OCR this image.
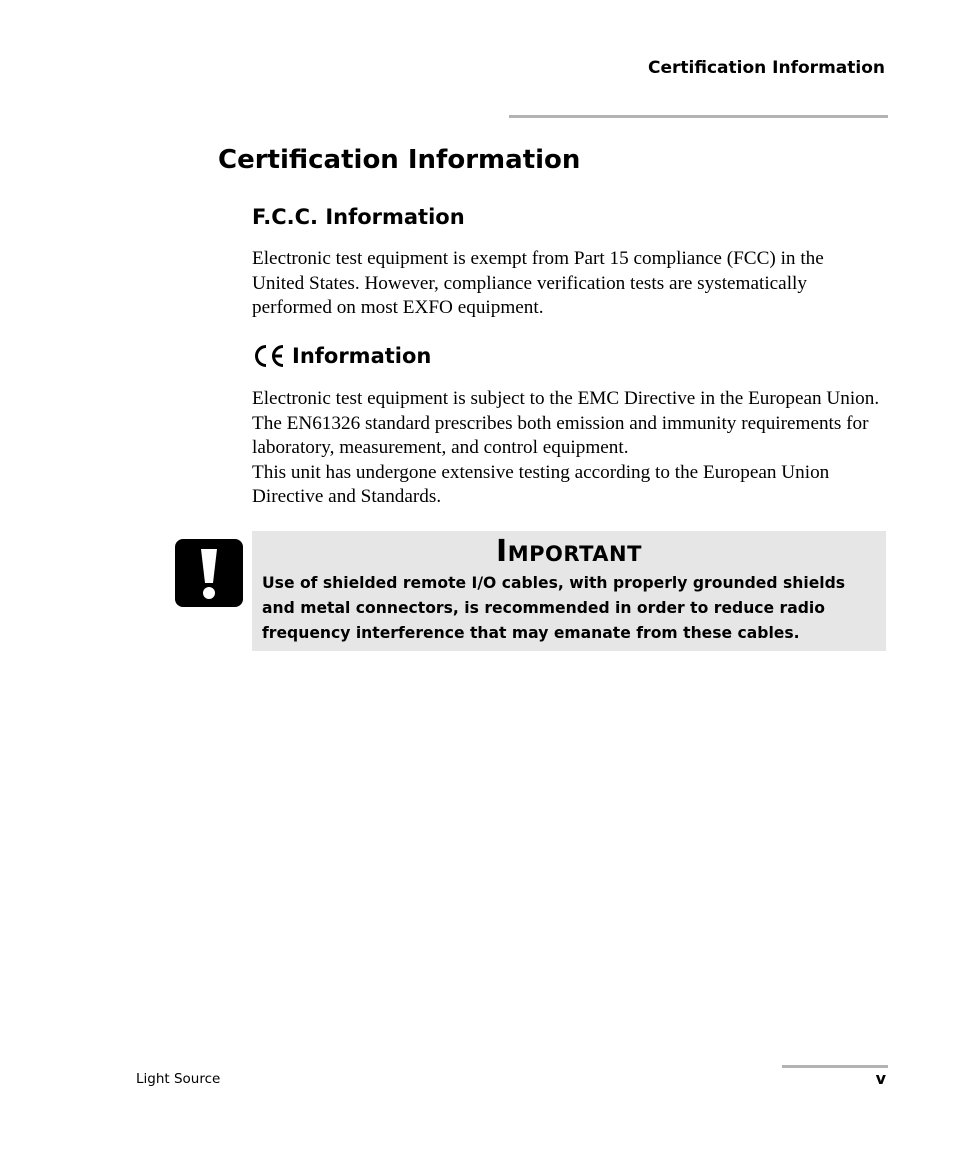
Certification Information
Certification Information
F.C.C. Information

Electronic test equipment is exempt from Part 15 compliance (FCC) in the United States. However, compliance verification tests are systematically performed on most EXFO equipment.

Information
Electronic test equipment is subject to the EMC Directive in the European Union. The EN61326 standard prescribes both emission and immunity requirements for laboratory, measurement, and control equipment.
This unit has undergone extensive testing according to the European Union Directive and Standards.
Important

Use of shielded remote I/O cables, with properly grounded shields and metal connectors, is recommended in order to reduce radio frequency interference that may emanate from these cables.

Light Source	v
